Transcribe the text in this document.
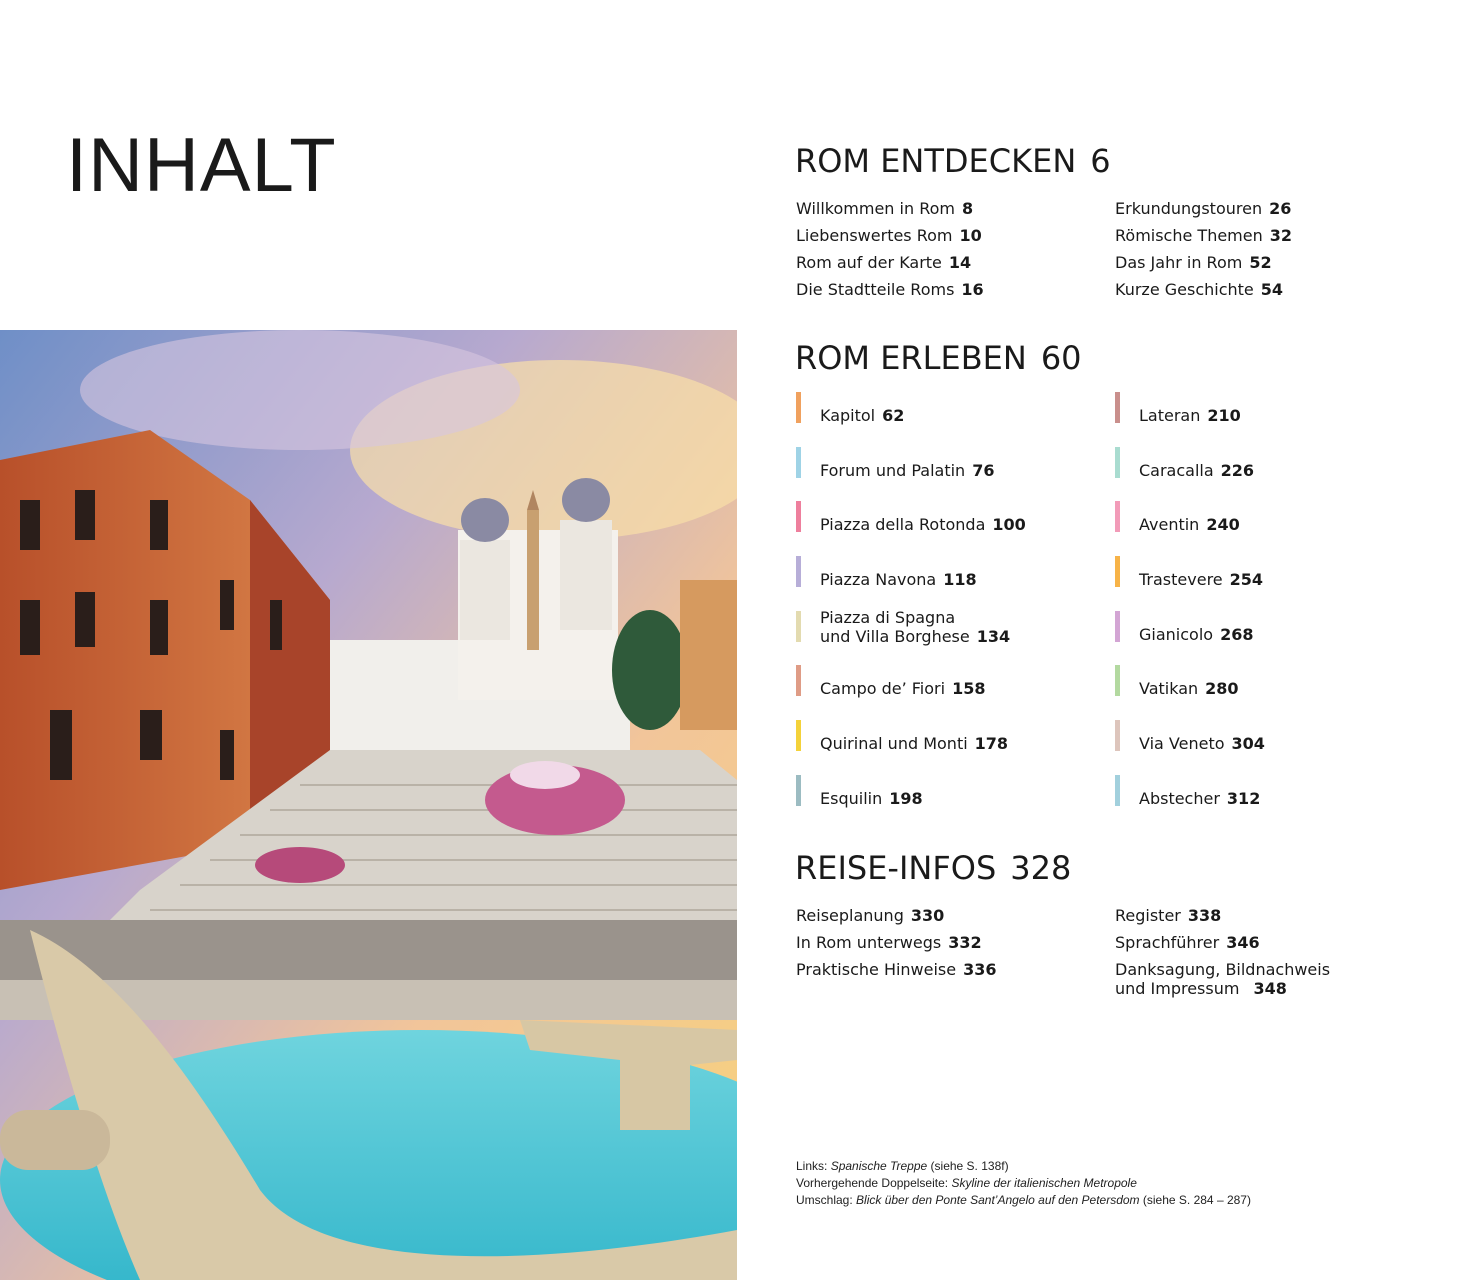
INHALT	ROM ENTDECKEN 6
Willkommen in Rom 8
Liebenswertes Rom 10
Rom auf der Karte 14
Die Stadtteile Roms 16
Erkundungstouren 26
Römische Themen 32
Das Jahr in Rom 52
Kurze Geschichte 54
ROM ERLEBEN 60
Kapitol 62
Forum und Palatin 76
Piazza della Rotonda 100
Piazza Navona 118
Piazza di Spagna
und Villa Borghese 134
Campo de’ Fiori 158
Quirinal und Monti 178
Esquilin 198
Lateran 210
Caracalla 226
Aventin 240
Trastevere 254
Gianicolo 268
Vatikan 280
Via Veneto 304
Abstecher 312
REISE-INFOS 328
Reiseplanung 330
In Rom unterwegs 332
Praktische Hinweise 336
Register 338
Sprachführer 346
Danksagung, Bildnachweis
und Impressum 348
Links: Spanische Treppe (siehe S. 138f)
Vorhergehende Doppelseite: Skyline der italienischen Metropole
Umschlag: Blick über den Ponte Sant’Angelo auf den Petersdom (siehe S. 284 – 287)
